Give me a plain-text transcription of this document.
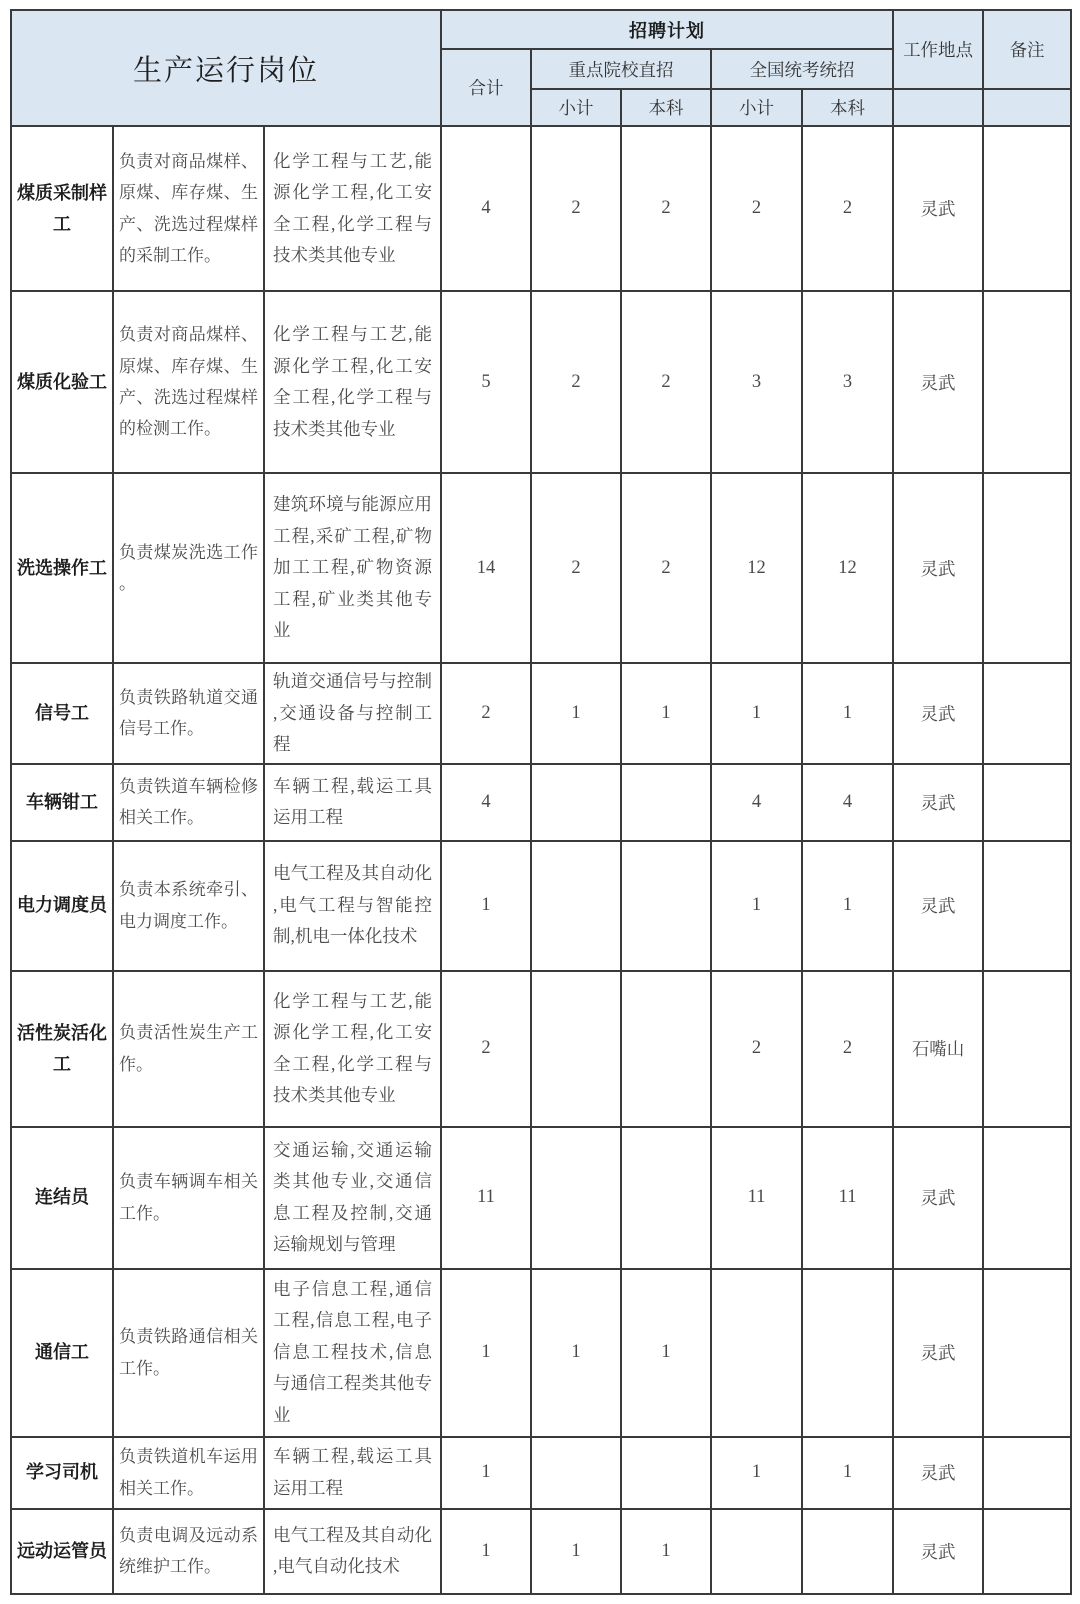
生产运行岗位			招聘计划					工作地点	备注
			合计	重点院校直招		全国统考统招			
				小计	本科	小计	本科		
煤质采制样工	负责对商品煤样、原煤、库存煤、生产、洗选过程煤样的采制工作。	化学工程与工艺,能源化学工程,化工安全工程,化学工程与技术类其他专业	4	2	2	2	2	灵武	
煤质化验工	负责对商品煤样、原煤、库存煤、生产、洗选过程煤样的检测工作。	化学工程与工艺,能源化学工程,化工安全工程,化学工程与技术类其他专业	5	2	2	3	3	灵武	
洗选操作工	负责煤炭洗选工作。	建筑环境与能源应用工程,采矿工程,矿物加工工程,矿物资源工程,矿业类其他专业	14	2	2	12	12	灵武	
信号工	负责铁路轨道交通信号工作。	轨道交通信号与控制,交通设备与控制工程	2	1	1	1	1	灵武	
车辆钳工	负责铁道车辆检修相关工作。	车辆工程,载运工具运用工程	4			4	4	灵武	
电力调度员	负责本系统牵引、电力调度工作。	电气工程及其自动化,电气工程与智能控制,机电一体化技术	1			1	1	灵武	
活性炭活化工	负责活性炭生产工作。	化学工程与工艺,能源化学工程,化工安全工程,化学工程与技术类其他专业	2			2	2	石嘴山	
连结员	负责车辆调车相关工作。	交通运输,交通运输类其他专业,交通信息工程及控制,交通运输规划与管理	11			11	11	灵武	
通信工	负责铁路通信相关工作。	电子信息工程,通信工程,信息工程,电子信息工程技术,信息与通信工程类其他专业	1	1	1			灵武	
学习司机	负责铁道机车运用相关工作。	车辆工程,载运工具运用工程	1			1	1	灵武	
远动运管员	负责电调及远动系统维护工作。	电气工程及其自动化,电气自动化技术	1	1	1			灵武	
